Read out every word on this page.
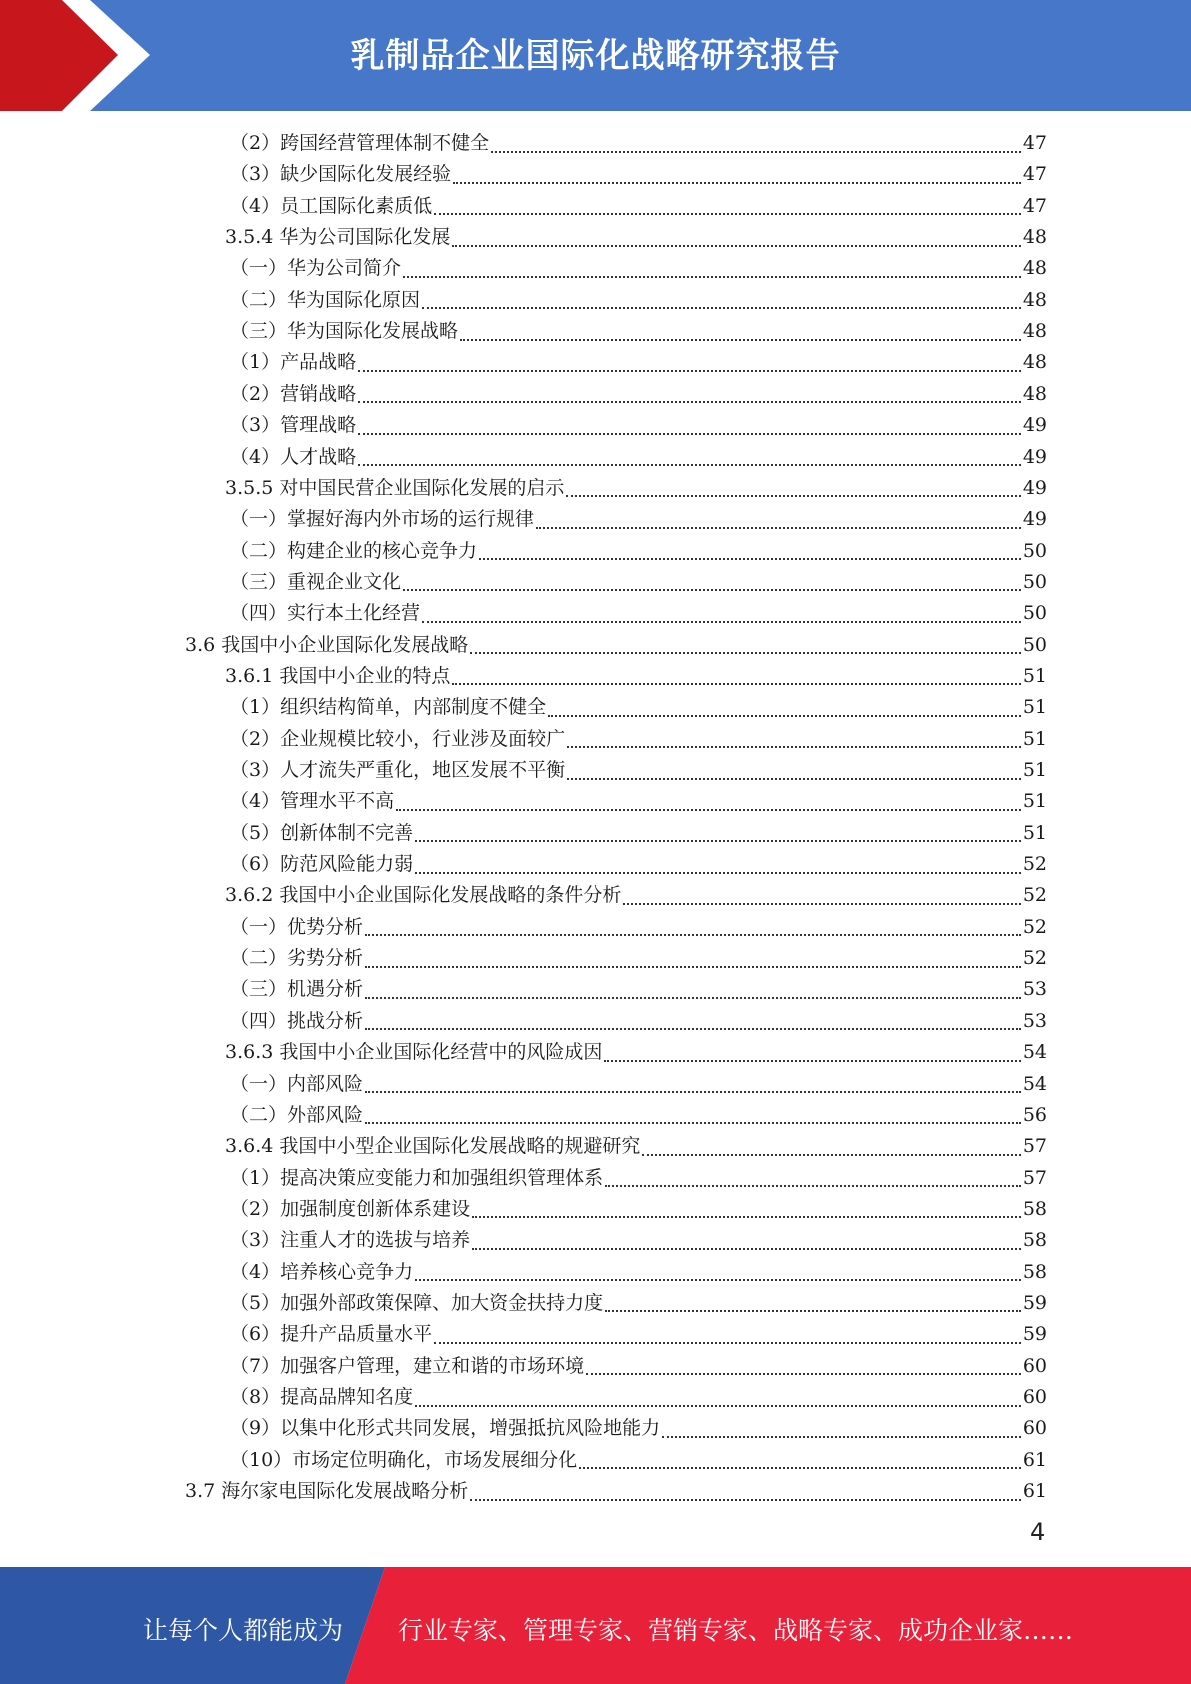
乳制品企业国际化战略研究报告
（2）跨国经营管理体制不健全	47
（3）缺少国际化发展经验	47
（4）员工国际化素质低	47
3.5.4 华为公司国际化发展	48
（一）华为公司简介	48
（二）华为国际化原因	48
（三）华为国际化发展战略	48
（1）产品战略	48
（2）营销战略	48
（3）管理战略	49
（4）人才战略	49
3.5.5 对中国民营企业国际化发展的启示	49
（一）掌握好海内外市场的运行规律	49
（二）构建企业的核心竞争力	50
（三）重视企业文化	50
（四）实行本土化经营	50
3.6 我国中小企业国际化发展战略	50
3.6.1 我国中小企业的特点	51
（1）组织结构简单，内部制度不健全	51
（2）企业规模比较小，行业涉及面较广	51
（3）人才流失严重化，地区发展不平衡	51
（4）管理水平不高	51
（5）创新体制不完善	51
（6）防范风险能力弱	52
3.6.2 我国中小企业国际化发展战略的条件分析	52
（一）优势分析	52
（二）劣势分析	52
（三）机遇分析	53
（四）挑战分析	53
3.6.3 我国中小企业国际化经营中的风险成因	54
（一）内部风险	54
（二）外部风险	56
3.6.4 我国中小型企业国际化发展战略的规避研究	57
（1）提高决策应变能力和加强组织管理体系	57
（2）加强制度创新体系建设	58
（3）注重人才的选拔与培养	58
（4）培养核心竞争力	58
（5）加强外部政策保障、加大资金扶持力度	59
（6）提升产品质量水平	59
（7）加强客户管理，建立和谐的市场环境	60
（8）提高品牌知名度	60
（9）以集中化形式共同发展，增强抵抗风险地能力	60
（10）市场定位明确化，市场发展细分化	61
3.7 海尔家电国际化发展战略分析	61
4
让每个人都能成为 行业专家、管理专家、营销专家、战略专家、成功企业家……
